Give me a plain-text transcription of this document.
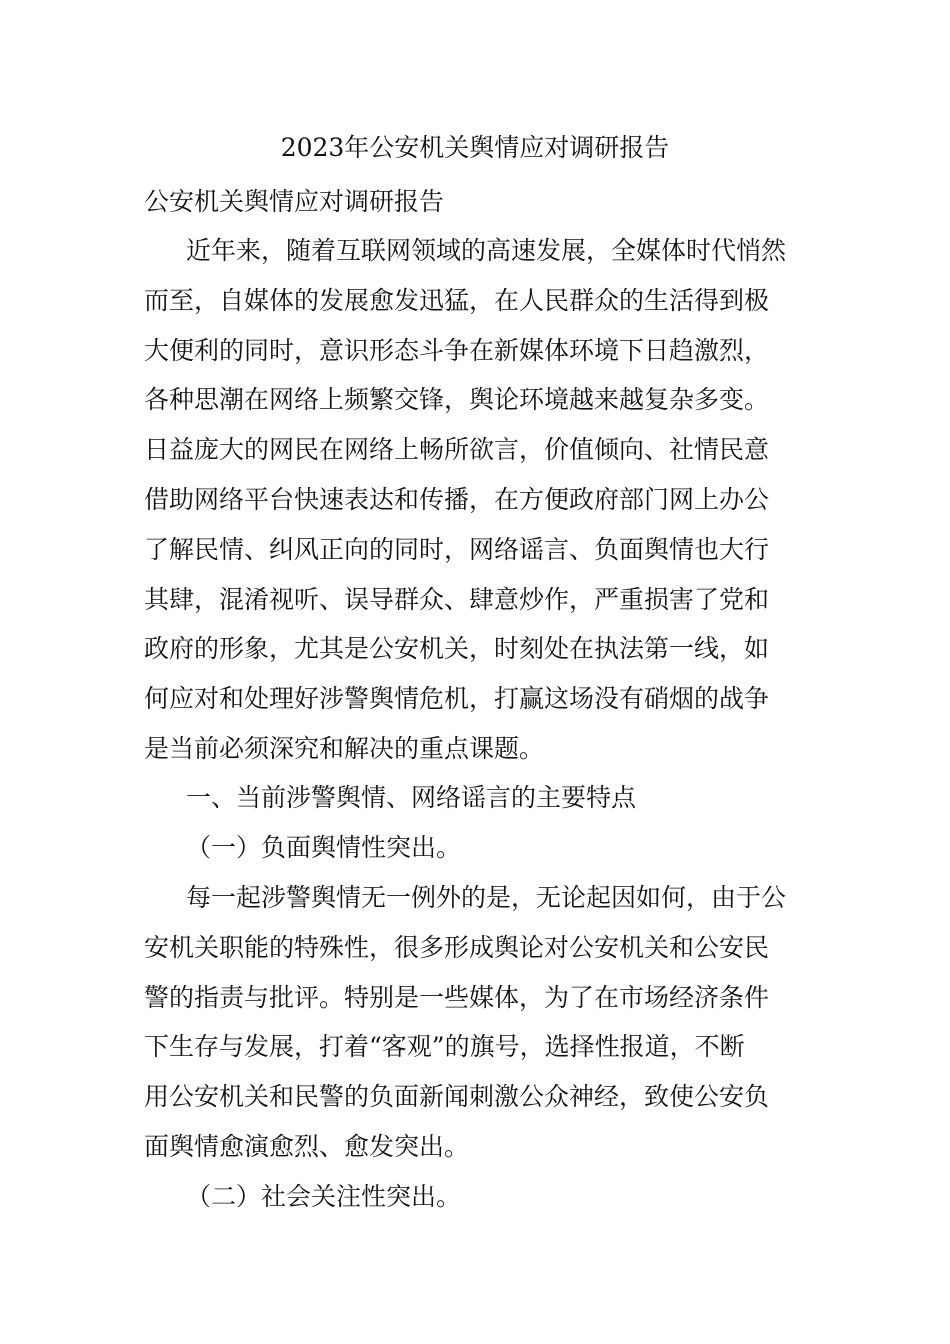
2023年公安机关舆情应对调研报告
公安机关舆情应对调研报告
近年来，随着互联网领域的高速发展，全媒体时代悄然
而至，自媒体的发展愈发迅猛，在人民群众的生活得到极
大便利的同时，意识形态斗争在新媒体环境下日趋激烈，
各种思潮在网络上频繁交锋，舆论环境越来越复杂多变。
日益庞大的网民在网络上畅所欲言，价值倾向、社情民意
借助网络平台快速表达和传播，在方便政府部门网上办公
了解民情、纠风正向的同时，网络谣言、负面舆情也大行
其肆，混淆视听、误导群众、肆意炒作，严重损害了党和
政府的形象，尤其是公安机关，时刻处在执法第一线，如
何应对和处理好涉警舆情危机，打赢这场没有硝烟的战争
是当前必须深究和解决的重点课题。
一、当前涉警舆情、网络谣言的主要特点
（一）负面舆情性突出。
每一起涉警舆情无一例外的是，无论起因如何，由于公
安机关职能的特殊性，很多形成舆论对公安机关和公安民
警的指责与批评。特别是一些媒体，为了在市场经济条件
下生存与发展，打着“客观”的旗号，选择性报道，不断
用公安机关和民警的负面新闻刺激公众神经，致使公安负
面舆情愈演愈烈、愈发突出。
（二）社会关注性突出。
